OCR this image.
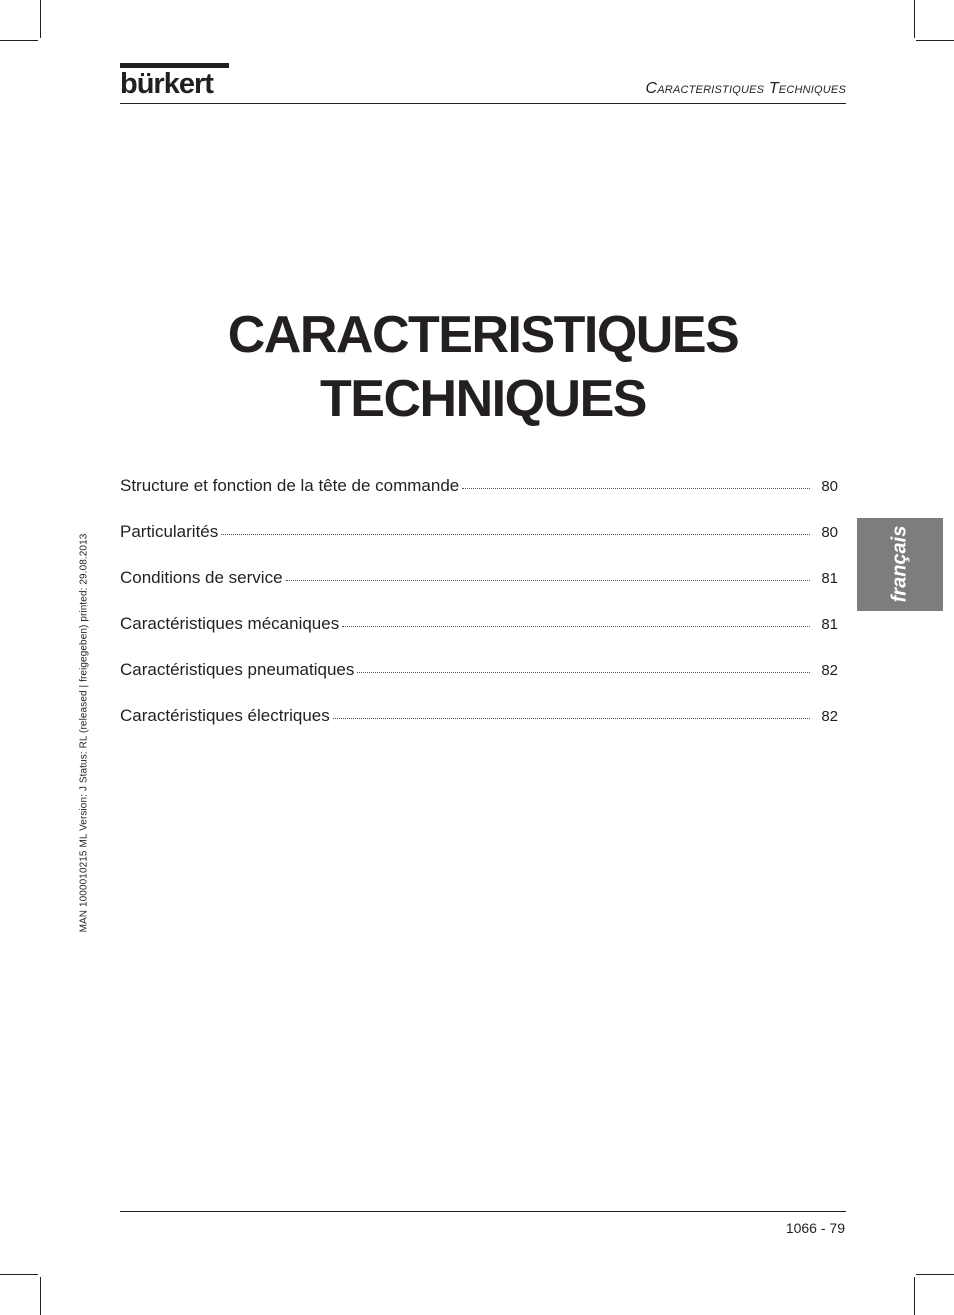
bürkert	Caracteristiques Techniques
CARACTERISTIQUES
TECHNIQUES
Structure et fonction de la tête de commande	80
Particularités	80
Conditions de service	81
Caractéristiques mécaniques	81
Caractéristiques pneumatiques	82
Caractéristiques électriques	82
français
MAN 1000010215 ML Version: J Status: RL (released | freigegeben) printed: 29.08.2013
1066 - 79
